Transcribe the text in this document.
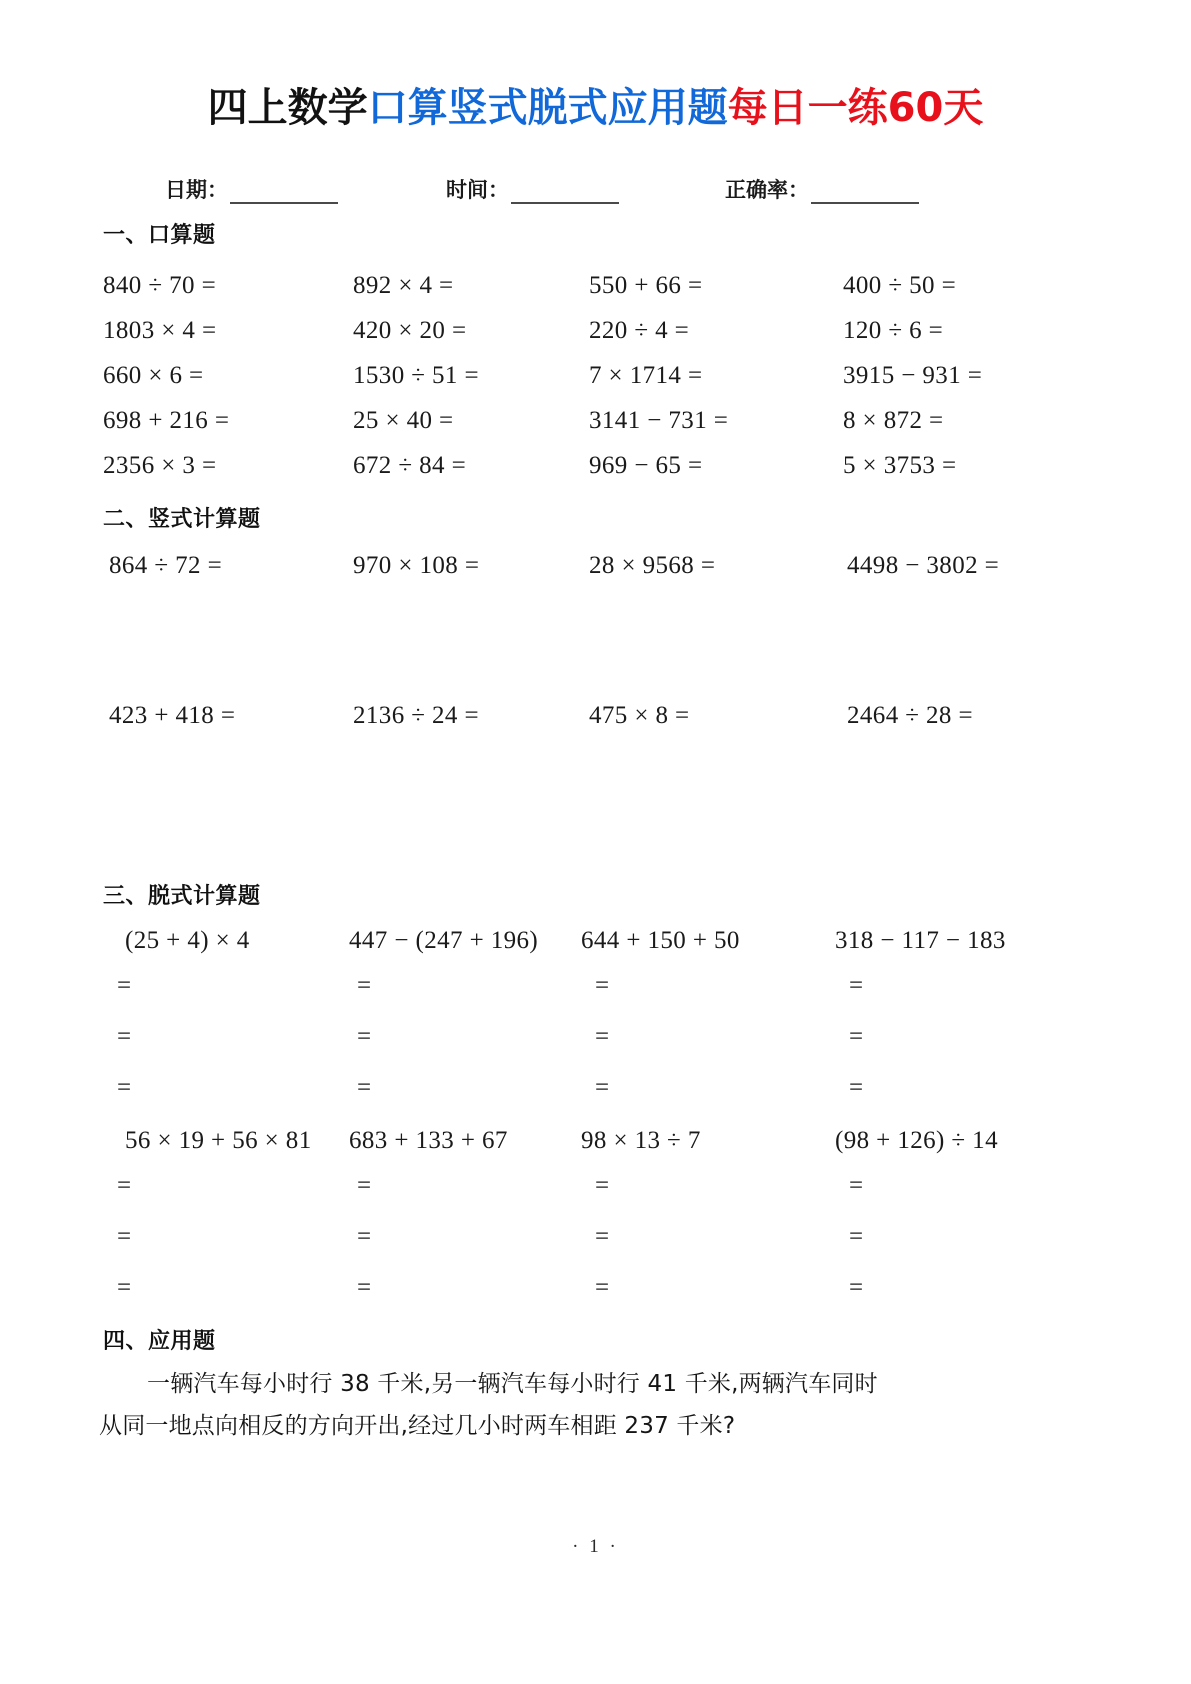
四上数学口算竖式脱式应用题每日一练60天
日期：	时间：	正确率：
一、口算题
840 ÷ 70 =	892 × 4 =	550 + 66 =	400 ÷ 50 =
1803 × 4 =	420 × 20 =	220 ÷ 4 =	120 ÷ 6 =
660 × 6 =	1530 ÷ 51 =	7 × 1714 =	3915 − 931 =
698 + 216 =	25 × 40 =	3141 − 731 =	8 × 872 =
2356 × 3 =	672 ÷ 84 =	969 − 65 =	5 × 3753 =
二、竖式计算题
864 ÷ 72 =	970 × 108 =	28 × 9568 =	4498 − 3802 =
423 + 418 =	2136 ÷ 24 =	475 × 8 =	2464 ÷ 28 =
三、脱式计算题
(25 + 4) × 4	447 − (247 + 196)	644 + 150 + 50	318 − 117 − 183
=	=	=	=
=	=	=	=
=	=	=	=
56 × 19 + 56 × 81	683 + 133 + 67	98 × 13 ÷ 7	(98 + 126) ÷ 14
=	=	=	=
=	=	=	=
=	=	=	=
四、应用题
一辆汽车每小时行 38 千米,另一辆汽车每小时行 41 千米,两辆汽车同时
从同一地点向相反的方向开出,经过几小时两车相距 237 千米?
· 1 ·
